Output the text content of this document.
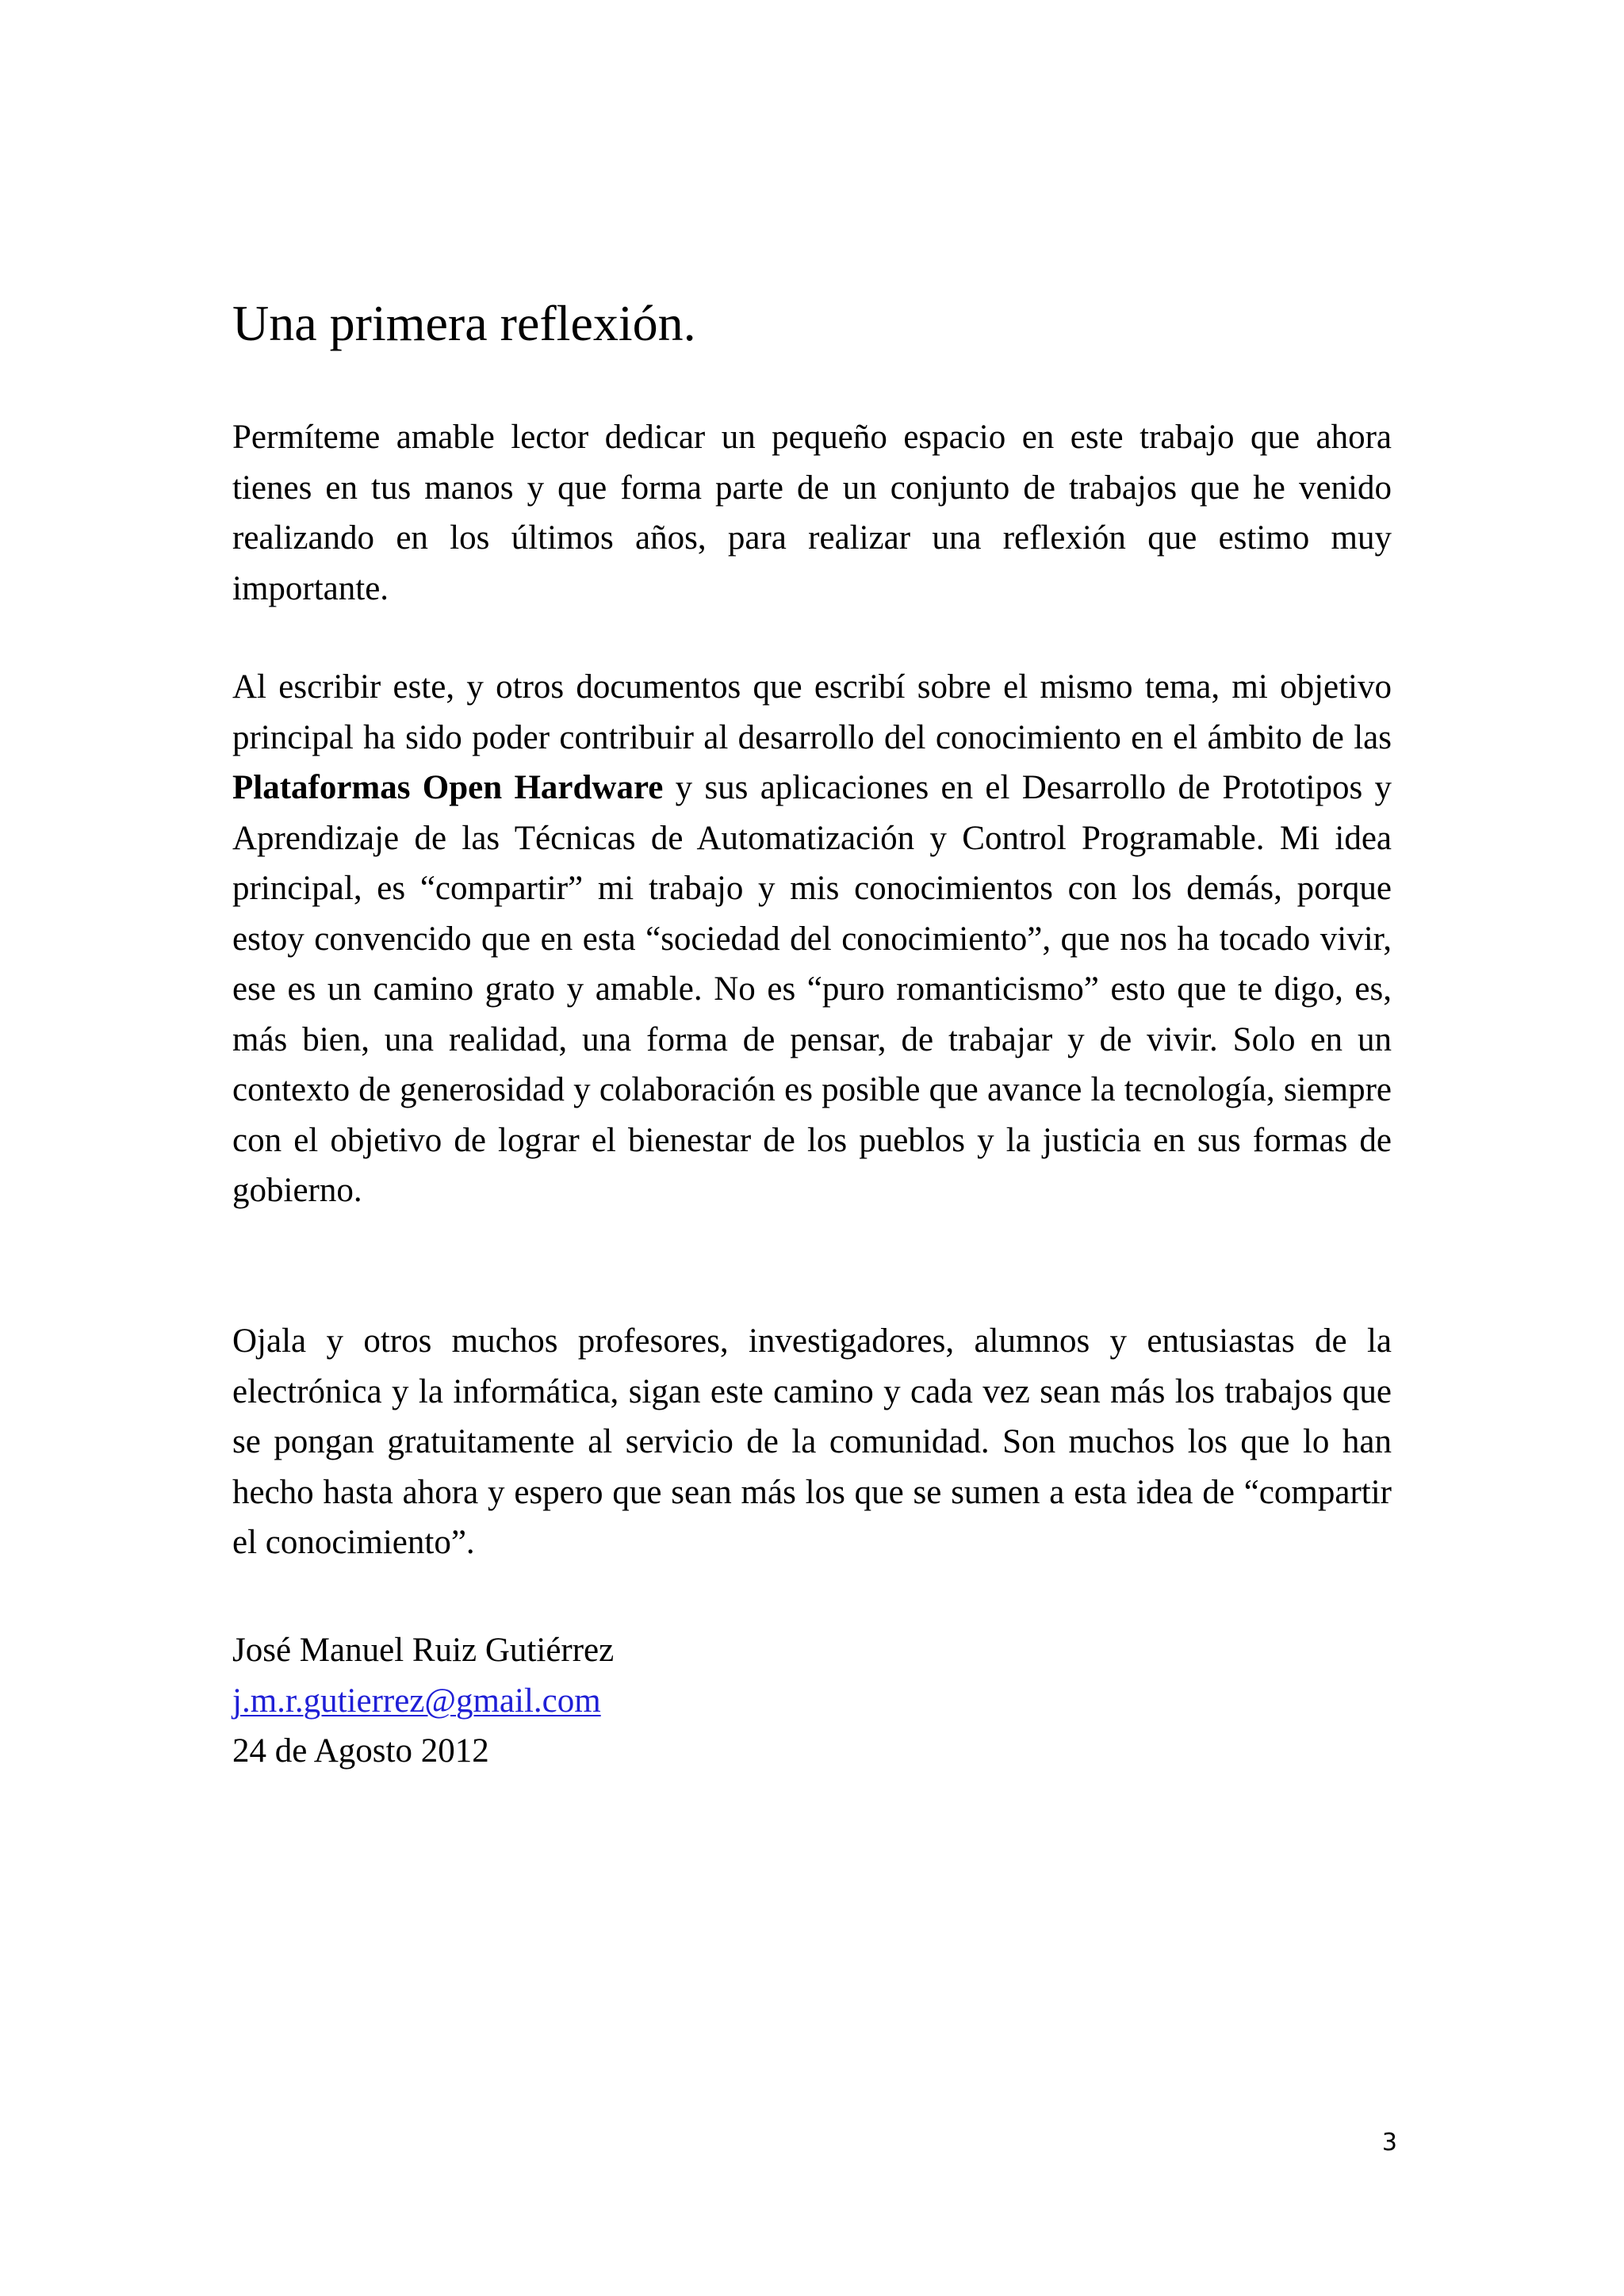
Una primera reflexión.

Permíteme amable lector dedicar un pequeño espacio en este trabajo que ahora tienes en tus manos y que forma parte de un conjunto de trabajos que he venido realizando en los últimos años, para realizar una reflexión que estimo muy importante.

Al escribir este, y otros documentos que escribí sobre el mismo tema, mi objetivo principal ha sido poder contribuir al desarrollo del conocimiento en el ámbito de las Plataformas Open Hardware y sus aplicaciones en el Desarrollo de Prototipos y Aprendizaje de las Técnicas de Automatización y Control Programable. Mi idea principal, es “compartir” mi trabajo y mis conocimientos con los demás, porque estoy convencido que en esta “sociedad del conocimiento”, que nos ha tocado vivir, ese es un camino grato y amable. No es “puro romanticismo” esto que te digo, es, más bien, una realidad, una forma de pensar, de trabajar y de vivir. Solo en un contexto de generosidad y colaboración es posible que avance la tecnología, siempre con el objetivo de lograr el bienestar de los pueblos y la justicia en sus formas de gobierno.

Ojala y otros muchos profesores, investigadores, alumnos y entusiastas de la electrónica y la informática, sigan este camino y cada vez sean más los trabajos que se pongan gratuitamente al servicio de la comunidad. Son muchos los que lo han hecho hasta ahora y espero que sean más los que se sumen a esta idea de “compartir el conocimiento”.

José Manuel Ruiz Gutiérrez
j.m.r.gutierrez@gmail.com
24 de Agosto 2012
3
